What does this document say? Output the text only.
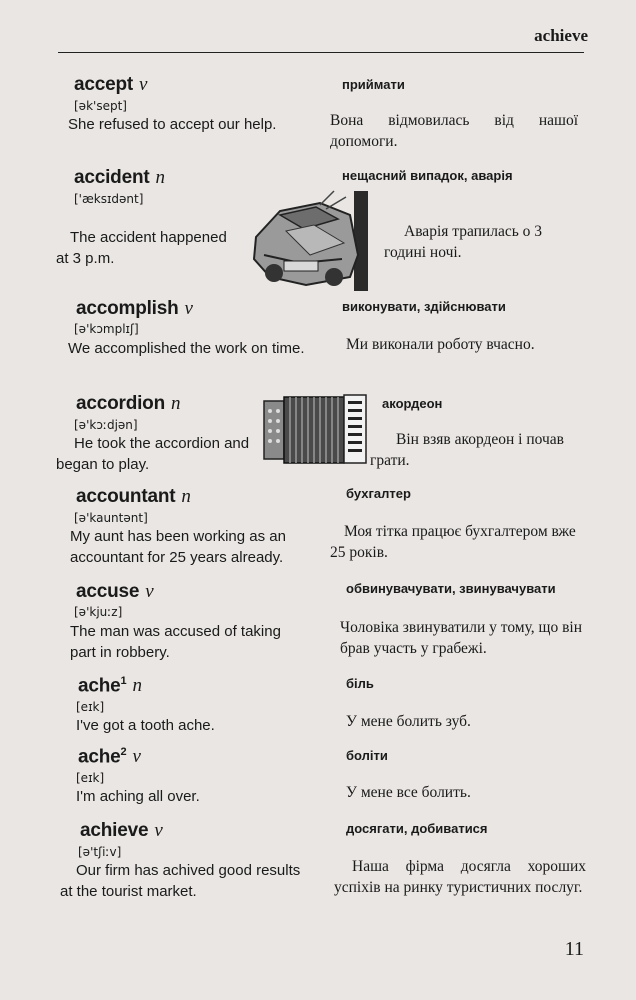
achieve
accept v
[ək'sept]
She refused to accept our help.
приймати
Вона відмовилась від нашої допомоги.
accident n
['æksɪdənt]
The accident happened at 3 p.m.
нещасний випадок, аварія
Аварія трапилась о 3 годині ночі.
accomplish v
[ə'kɔmplɪʃ]
We accomplished the work on time.
виконувати, здійснювати
Ми виконали роботу вчасно.
accordion n
[ə'kɔːdjən]
He took the accordion and began to play.
акордеон
Він взяв акордеон і почав грати.
accountant n
[ə'kauntənt]
My aunt has been working as an accountant for 25 years already.
бухгалтер
Моя тітка працює бухгалтером вже 25 років.
accuse v
[ə'kjuːz]
The man was accused of taking part in robbery.
обвинувачувати, звинувачувати
Чоловіка звинуватили у тому, що він брав участь у грабежі.
ache$^1$ n
[eɪk]
I've got a tooth ache.
біль
У мене болить зуб.
ache$^2$ v
[eɪk]
I'm aching all over.
боліти
У мене все болить.
achieve v
[ə'tʃiːv]
Our firm has achived good results at the tourist market.
досягати, добиватися
Наша фірма досягла хороших успіхів на ринку туристичних послуг.
11
